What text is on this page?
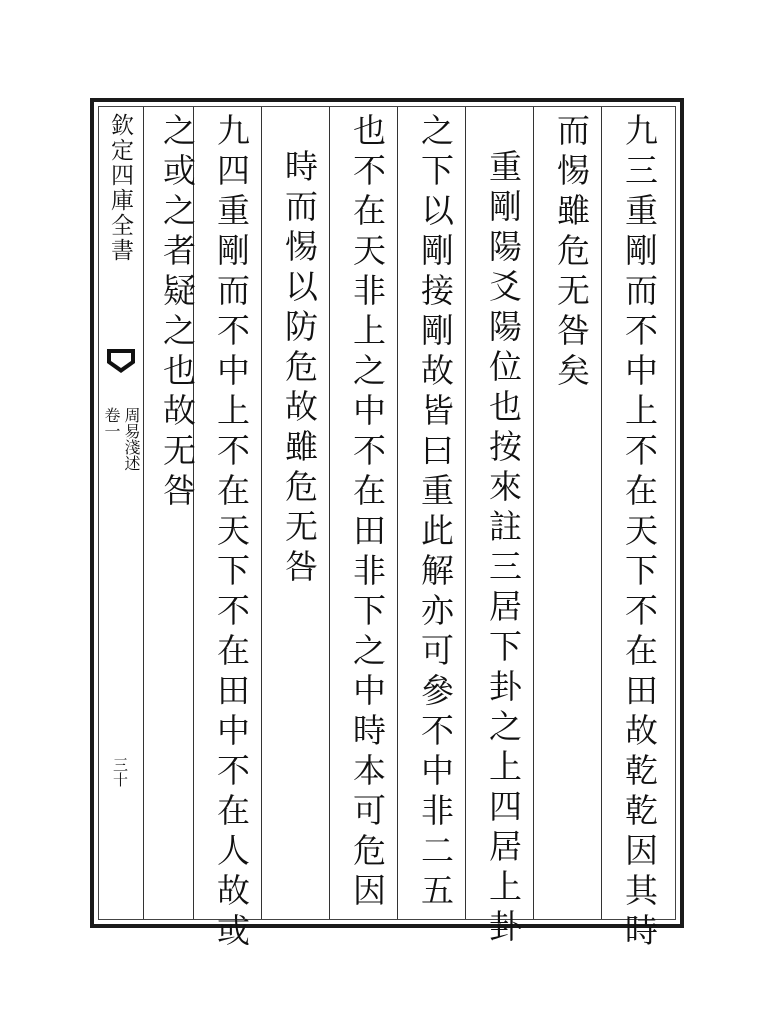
欽定四庫全書
周易淺述
卷一
三十	九三重剛而不中上不在天下不在田故乾乾因其時
而惕雖危无咎矣
重剛陽爻陽位也按來註三居下卦之上四居上卦
之下以剛接剛故皆曰重此解亦可參不中非二五
也不在天非上之中不在田非下之中時本可危因
時而惕以防危故雖危无咎
九四重剛而不中上不在天下不在田中不在人故或
之或之者疑之也故无咎
